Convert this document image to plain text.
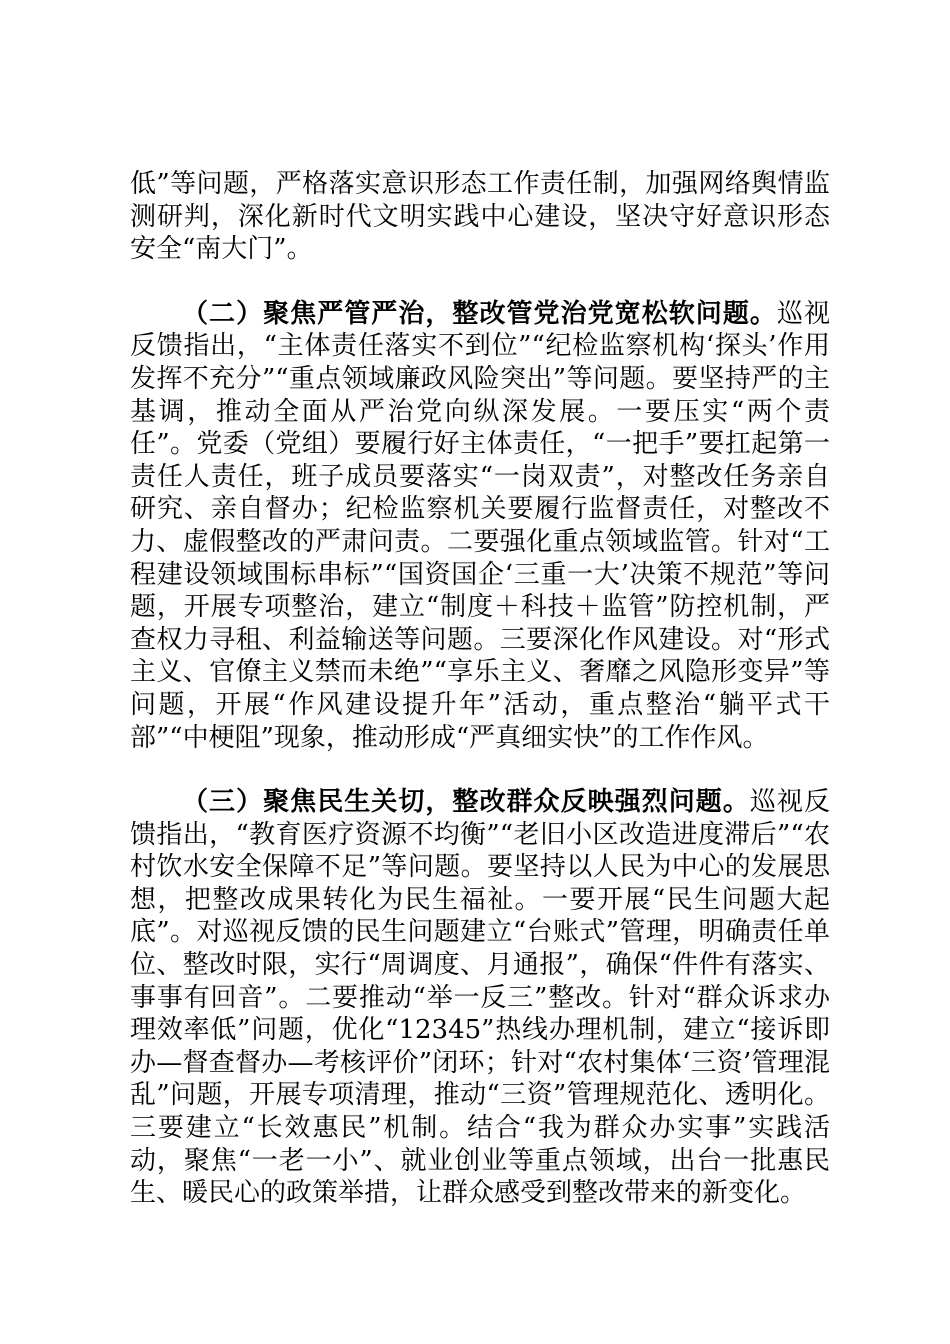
低”等问题，严格落实意识形态工作责任制，加强网络舆情监测研判，深化新时代文明实践中心建设，坚决守好意识形态安全“南大门”。

（二）聚焦严管严治，整改管党治党宽松软问题。巡视反馈指出，“主体责任落实不到位”“纪检监察机构‘探头’作用发挥不充分”“重点领域廉政风险突出”等问题。要坚持严的主基调，推动全面从严治党向纵深发展。一要压实“两个责任”。党委（党组）要履行好主体责任，“一把手”要扛起第一责任人责任，班子成员要落实“一岗双责”，对整改任务亲自研究、亲自督办；纪检监察机关要履行监督责任，对整改不力、虚假整改的严肃问责。二要强化重点领域监管。针对“工程建设领域围标串标”“国资国企‘三重一大’决策不规范”等问题，开展专项整治，建立“制度＋科技＋监管”防控机制，严查权力寻租、利益输送等问题。三要深化作风建设。对“形式主义、官僚主义禁而未绝”“享乐主义、奢靡之风隐形变异”等问题，开展“作风建设提升年”活动，重点整治“躺平式干部”“中梗阻”现象，推动形成“严真细实快”的工作作风。

（三）聚焦民生关切，整改群众反映强烈问题。巡视反馈指出，“教育医疗资源不均衡”“老旧小区改造进度滞后”“农村饮水安全保障不足”等问题。要坚持以人民为中心的发展思想，把整改成果转化为民生福祉。一要开展“民生问题大起底”。对巡视反馈的民生问题建立“台账式”管理，明确责任单位、整改时限，实行“周调度、月通报”，确保“件件有落实、事事有回音”。二要推动“举一反三”整改。针对“群众诉求办理效率低”问题，优化“12345”热线办理机制，建立“接诉即办—督查督办—考核评价”闭环；针对“农村集体‘三资’管理混乱”问题，开展专项清理，推动“三资”管理规范化、透明化。三要建立“长效惠民”机制。结合“我为群众办实事”实践活动，聚焦“一老一小”、就业创业等重点领域，出台一批惠民生、暖民心的政策举措，让群众感受到整改带来的新变化。
